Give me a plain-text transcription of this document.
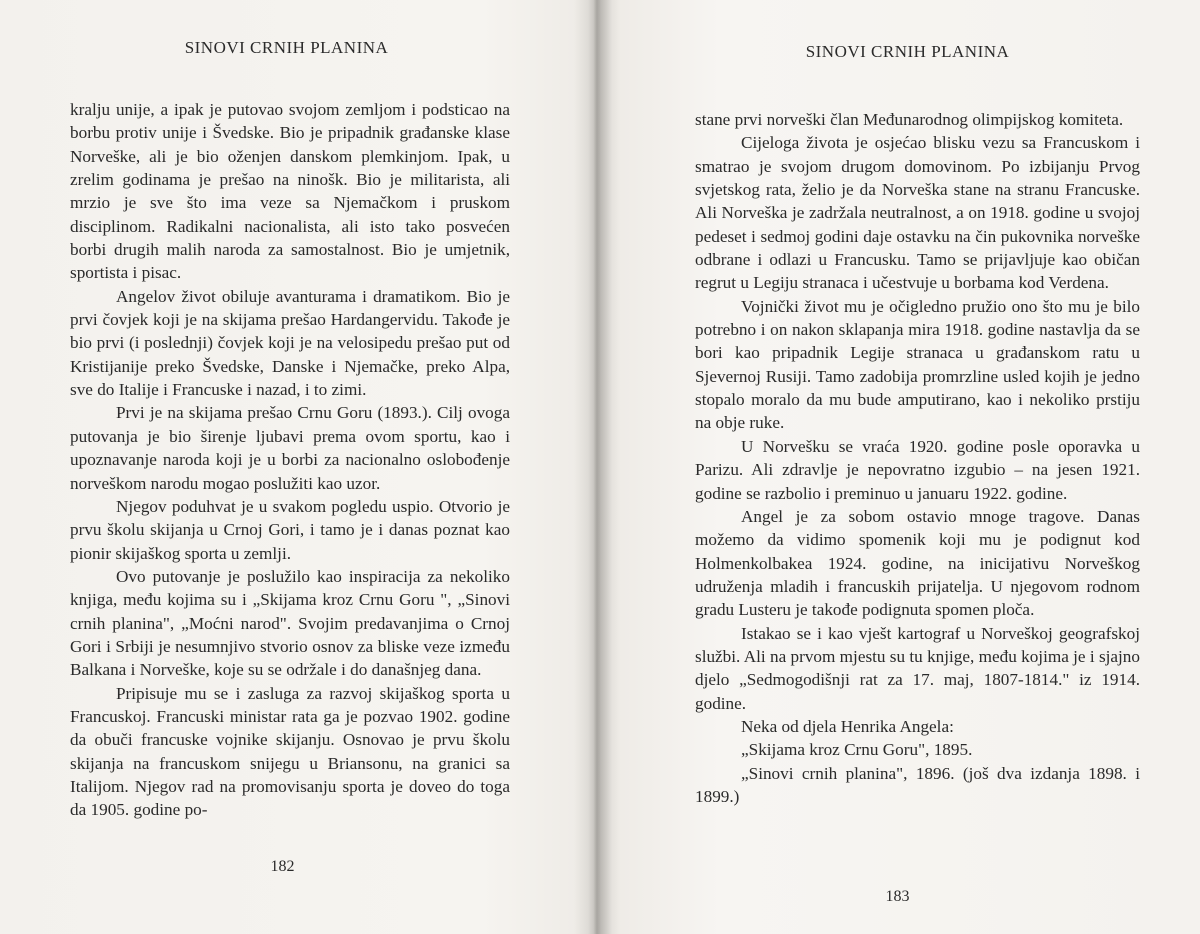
SINOVI CRNIH PLANINA

kralju unije, a ipak je putovao svojom zemljom i podsticao na borbu protiv unije i Švedske. Bio je pripadnik građanske klase Norveške, ali je bio oženjen danskom plemkinjom. Ipak, u zrelim godinama je prešao na ninošk. Bio je militarista, ali mrzio je sve što ima veze sa Njemačkom i pruskom disciplinom. Radikalni nacionalista, ali isto tako posvećen borbi drugih malih naroda za samostalnost. Bio je umjetnik, sportista i pisac.

Angelov život obiluje avanturama i dramatikom. Bio je prvi čovjek koji je na skijama prešao Hardangervidu. Takođe je bio prvi (i poslednji) čovjek koji je na velosipedu prešao put od Kristijanije preko Švedske, Danske i Njemačke, preko Alpa, sve do Italije i Francuske i nazad, i to zimi.

Prvi je na skijama prešao Crnu Goru (1893.). Cilj ovoga putovanja je bio širenje ljubavi prema ovom sportu, kao i upoznavanje naroda koji je u borbi za nacionalno oslobođenje norveškom narodu mogao poslužiti kao uzor.

Njegov poduhvat je u svakom pogledu uspio. Otvorio je prvu školu skijanja u Crnoj Gori, i tamo je i danas poznat kao pionir skijaškog sporta u zemlji.

Ovo putovanje je poslužilo kao inspiracija za nekoliko knjiga, među kojima su i „Skijama kroz Crnu Goru ", „Sinovi crnih planina", „Moćni narod". Svojim predavanjima o Crnoj Gori i Srbiji je nesumnjivo stvorio osnov za bliske veze između Balkana i Norveške, koje su se održale i do današnjeg dana.

Pripisuje mu se i zasluga za razvoj skijaškog sporta u Francuskoj. Francuski ministar rata ga je pozvao 1902. godine da obuči francuske vojnike skijanju. Osnovao je prvu školu skijanja na francuskom snijegu u Briansonu, na granici sa Italijom. Njegov rad na promovisanju sporta je doveo do toga da 1905. godine po-

182
SINOVI CRNIH PLANINA

stane prvi norveški član Međunarodnog olimpijskog komiteta.

Cijeloga života je osjećao blisku vezu sa Francuskom i smatrao je svojom drugom domovinom. Po izbijanju Prvog svjetskog rata, želio je da Norveška stane na stranu Francuske. Ali Norveška je zadržala neutralnost, a on 1918. godine u svojoj pedeset i sedmoj godini daje ostavku na čin pukovnika norveške odbrane i odlazi u Francusku. Tamo se prijavljuje kao običan regrut u Legiju stranaca i učestvuje u borbama kod Verdena.

Vojnički život mu je očigledno pružio ono što mu je bilo potrebno i on nakon sklapanja mira 1918. godine nastavlja da se bori kao pripadnik Legije stranaca u građanskom ratu u Sjevernoj Rusiji. Tamo zadobija promrzline usled kojih je jedno stopalo moralo da mu bude amputirano, kao i nekoliko prstiju na obje ruke.

U Norvešku se vraća 1920. godine posle oporavka u Parizu. Ali zdravlje je nepovratno izgubio – na jesen 1921. godine se razbolio i preminuo u januaru 1922. godine.

Angel je za sobom ostavio mnoge tragove. Danas možemo da vidimo spomenik koji mu je podignut kod Holmenkolbakea 1924. godine, na inicijativu Norveškog udruženja mladih i francuskih prijatelja. U njegovom rodnom gradu Lusteru je takođe podignuta spomen ploča.

Istakao se i kao vješt kartograf u Norveškoj geografskoj službi. Ali na prvom mjestu su tu knjige, među kojima je i sjajno djelo „Sedmogodišnji rat za 17. maj, 1807-1814." iz 1914. godine.

Neka od djela Henrika Angela:

„Skijama kroz Crnu Goru", 1895.

„Sinovi crnih planina", 1896. (još dva izdanja 1898. i 1899.)

183
